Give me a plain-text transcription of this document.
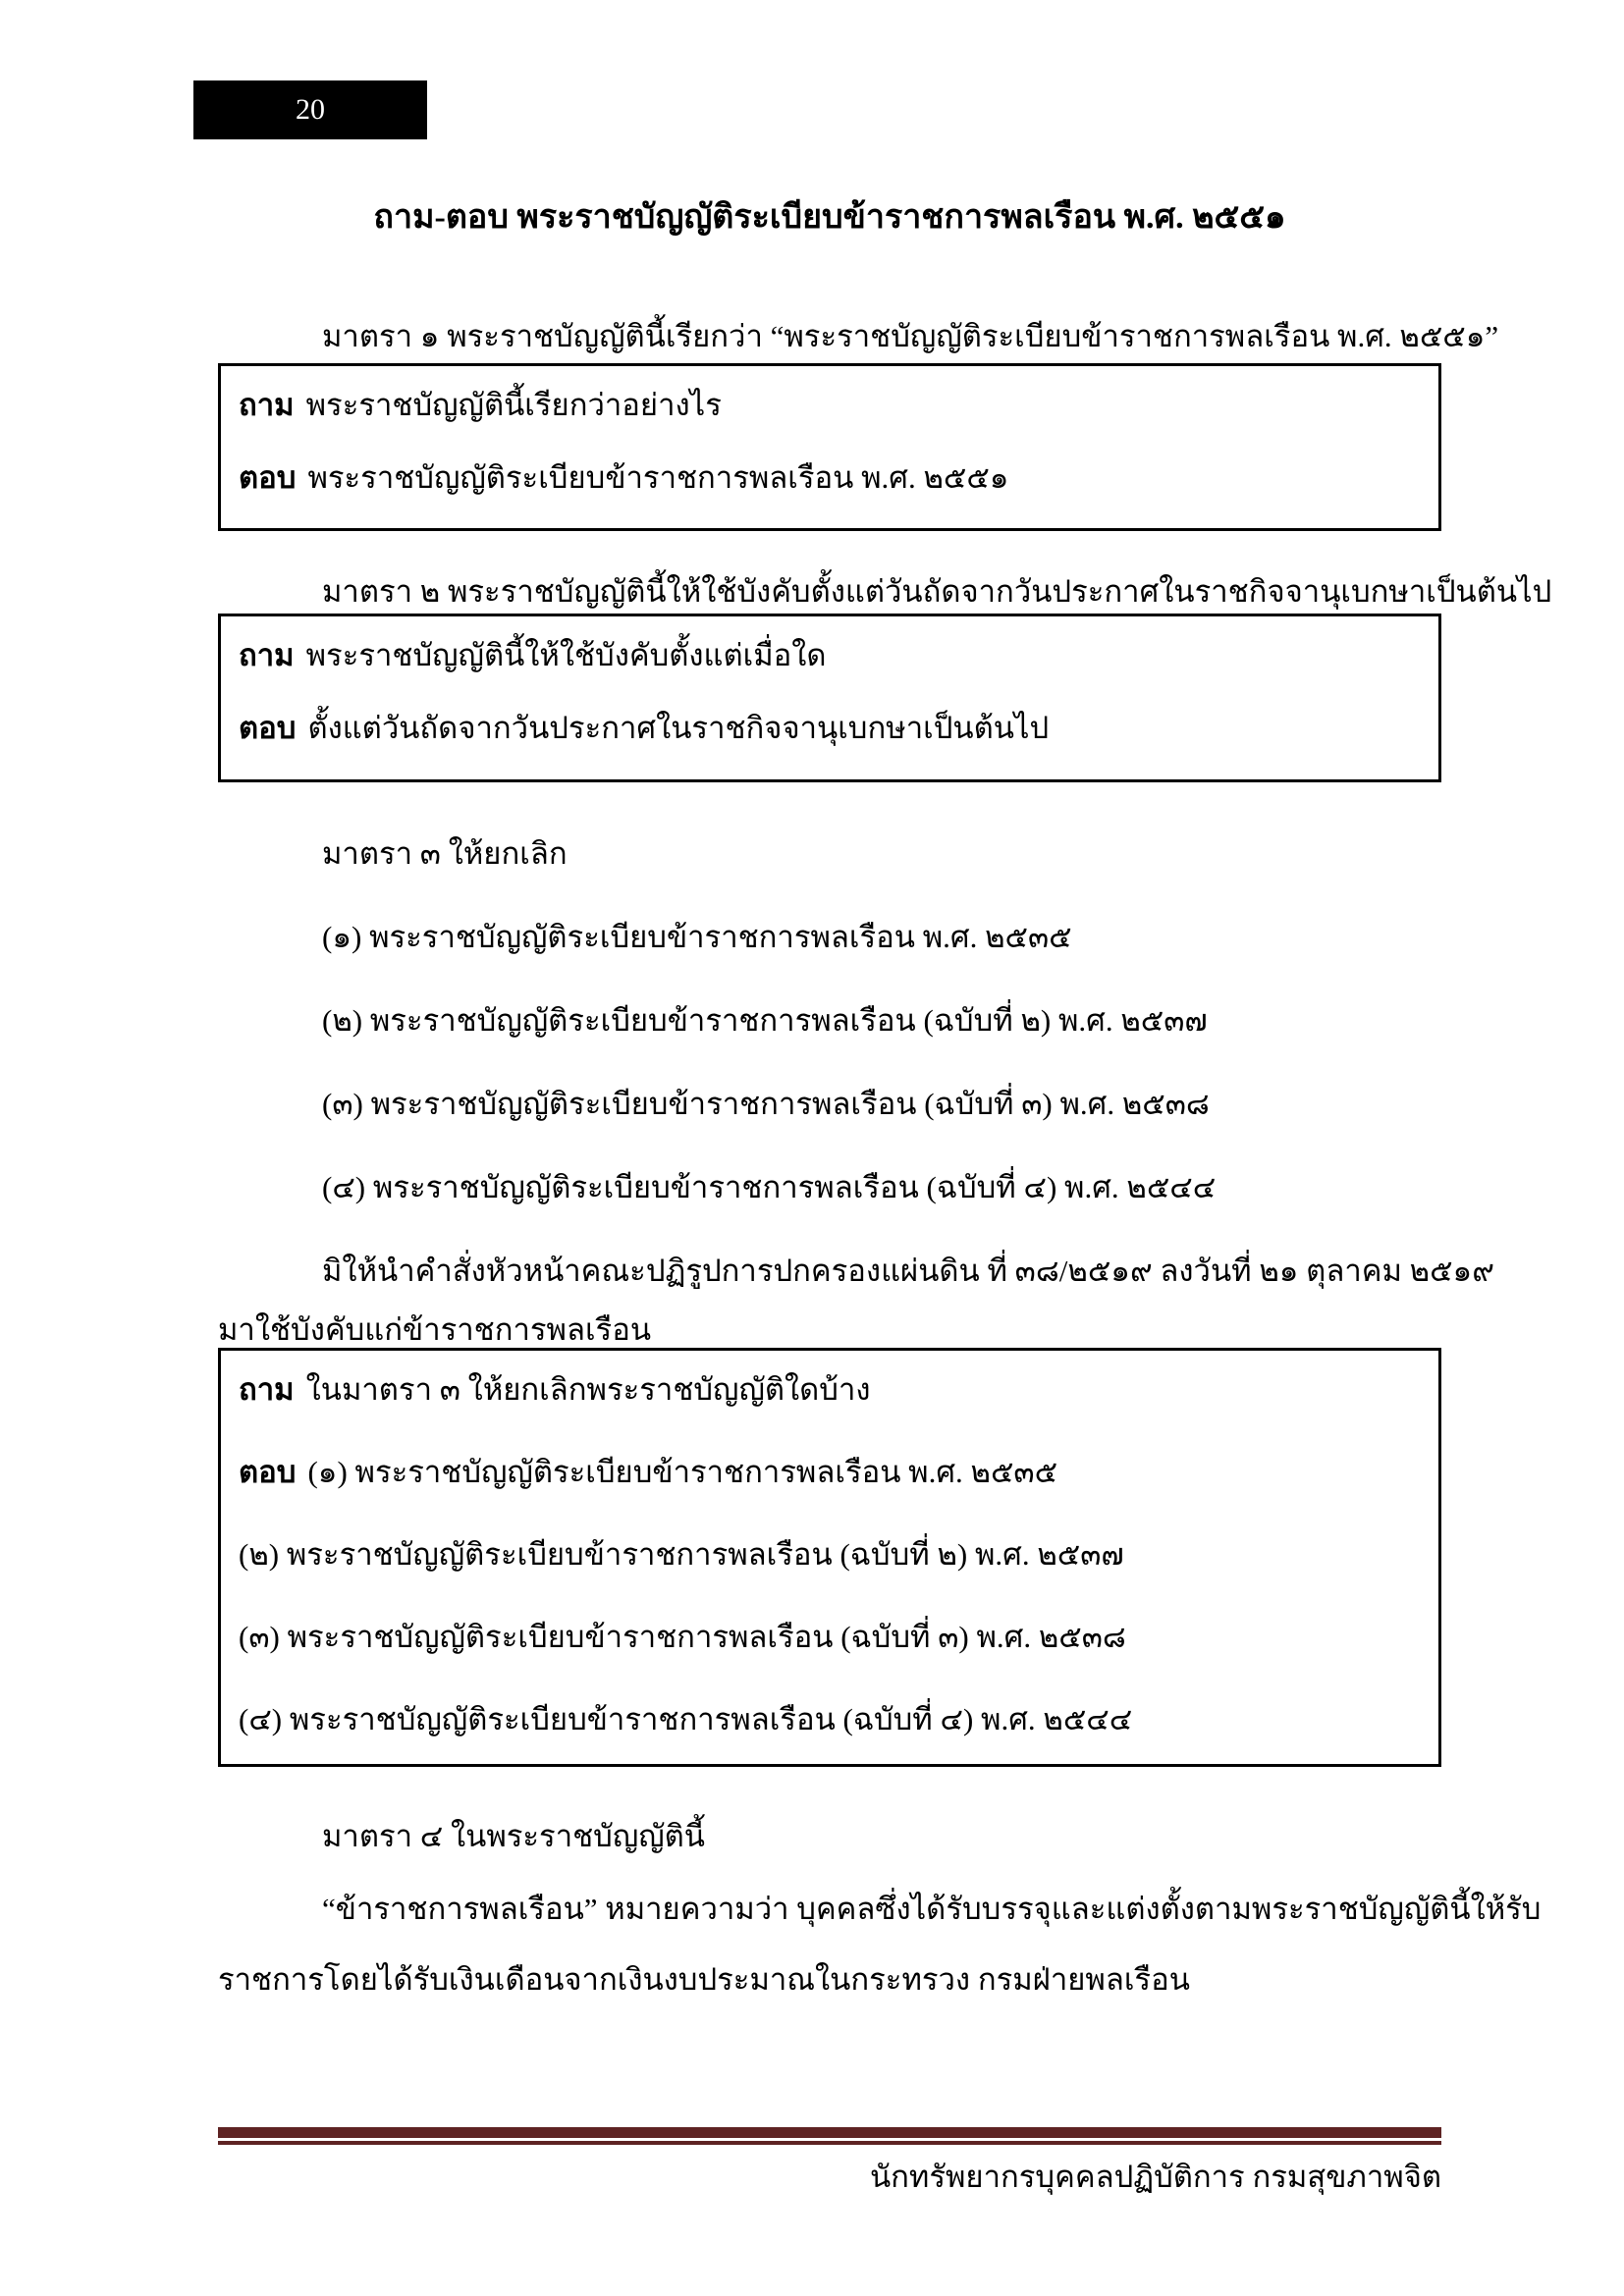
20
ถาม-ตอบ พระราชบัญญัติระเบียบข้าราชการพลเรือน พ.ศ. ๒๕๕๑

มาตรา ๑ พระราชบัญญัตินี้เรียกว่า “พระราชบัญญัติระเบียบข้าราชการพลเรือน พ.ศ. ๒๕๕๑”

ถาม พระราชบัญญัตินี้เรียกว่าอย่างไร

ตอบ พระราชบัญญัติระเบียบข้าราชการพลเรือน พ.ศ. ๒๕๕๑

มาตรา ๒ พระราชบัญญัตินี้ให้ใช้บังคับตั้งแต่วันถัดจากวันประกาศในราชกิจจานุเบกษาเป็นต้นไป

ถาม พระราชบัญญัตินี้ให้ใช้บังคับตั้งแต่เมื่อใด

ตอบ ตั้งแต่วันถัดจากวันประกาศในราชกิจจานุเบกษาเป็นต้นไป

มาตรา ๓ ให้ยกเลิก

(๑) พระราชบัญญัติระเบียบข้าราชการพลเรือน พ.ศ. ๒๕๓๕

(๒) พระราชบัญญัติระเบียบข้าราชการพลเรือน (ฉบับที่ ๒) พ.ศ. ๒๕๓๗

(๓) พระราชบัญญัติระเบียบข้าราชการพลเรือน (ฉบับที่ ๓) พ.ศ. ๒๕๓๘

(๔) พระราชบัญญัติระเบียบข้าราชการพลเรือน (ฉบับที่ ๔) พ.ศ. ๒๕๔๔

มิให้นำคำสั่งหัวหน้าคณะปฏิรูปการปกครองแผ่นดิน ที่ ๓๘/๒๕๑๙ ลงวันที่ ๒๑ ตุลาคม ๒๕๑๙

มาใช้บังคับแก่ข้าราชการพลเรือน

ถาม ในมาตรา ๓ ให้ยกเลิกพระราชบัญญัติใดบ้าง

ตอบ (๑) พระราชบัญญัติระเบียบข้าราชการพลเรือน พ.ศ. ๒๕๓๕

(๒) พระราชบัญญัติระเบียบข้าราชการพลเรือน (ฉบับที่ ๒) พ.ศ. ๒๕๓๗

(๓) พระราชบัญญัติระเบียบข้าราชการพลเรือน (ฉบับที่ ๓) พ.ศ. ๒๕๓๘

(๔) พระราชบัญญัติระเบียบข้าราชการพลเรือน (ฉบับที่ ๔) พ.ศ. ๒๕๔๔

มาตรา ๔ ในพระราชบัญญัตินี้

“ข้าราชการพลเรือน” หมายความว่า บุคคลซึ่งได้รับบรรจุและแต่งตั้งตามพระราชบัญญัตินี้ให้รับ

ราชการโดยได้รับเงินเดือนจากเงินงบประมาณในกระทรวง กรมฝ่ายพลเรือน

นักทรัพยากรบุคคลปฏิบัติการ กรมสุขภาพจิต
